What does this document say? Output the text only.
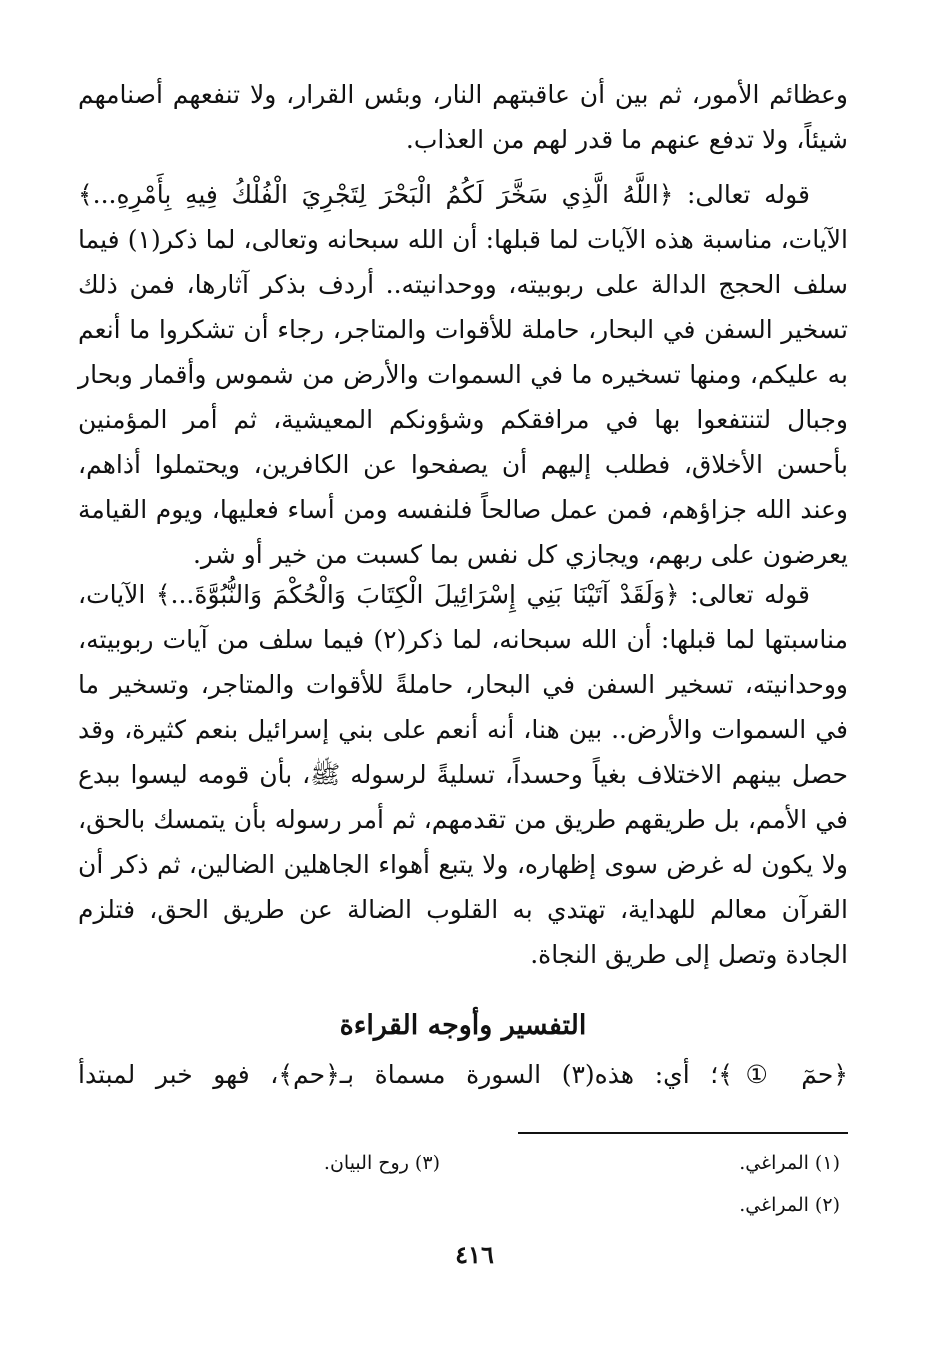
وعظائم الأمور، ثم بين أن عاقبتهم النار، وبئس القرار، ولا تنفعهم أصنامهم شيئاً، ولا تدفع عنهم ما قدر لهم من العذاب.

قوله تعالى: ﴿اللَّهُ الَّذِي سَخَّرَ لَكُمُ الْبَحْرَ لِتَجْرِيَ الْفُلْكُ فِيهِ بِأَمْرِهِ...﴾ الآيات، مناسبة هذه الآيات لما قبلها: أن الله سبحانه وتعالى، لما ذكر(١) فيما سلف الحجج الدالة على ربوبيته، ووحدانيته.. أردف بذكر آثارها، فمن ذلك تسخير السفن في البحار، حاملة للأقوات والمتاجر، رجاء أن تشكروا ما أنعم به عليكم، ومنها تسخيره ما في السموات والأرض من شموس وأقمار وبحار وجبال لتنتفعوا بها في مرافقكم وشؤونكم المعيشية، ثم أمر المؤمنين بأحسن الأخلاق، فطلب إليهم أن يصفحوا عن الكافرين، ويحتملوا أذاهم، وعند الله جزاؤهم، فمن عمل صالحاً فلنفسه ومن أساء فعليها، ويوم القيامة يعرضون على ربهم، ويجازي كل نفس بما كسبت من خير أو شر.

قوله تعالى: ﴿وَلَقَدْ آتَيْنَا بَنِي إِسْرَائِيلَ الْكِتَابَ وَالْحُكْمَ وَالنُّبُوَّةَ...﴾ الآيات، مناسبتها لما قبلها: أن الله سبحانه، لما ذكر(٢) فيما سلف من آيات ربوبيته، ووحدانيته، تسخير السفن في البحار، حاملةً للأقوات والمتاجر، وتسخير ما في السموات والأرض.. بين هنا، أنه أنعم على بني إسرائيل بنعم كثيرة، وقد حصل بينهم الاختلاف بغياً وحسداً، تسليةً لرسوله ﷺ، بأن قومه ليسوا ببدع في الأمم، بل طريقهم طريق من تقدمهم، ثم أمر رسوله بأن يتمسك بالحق، ولا يكون له غرض سوى إظهاره، ولا يتبع أهواء الجاهلين الضالين، ثم ذكر أن القرآن معالم للهداية، تهتدي به القلوب الضالة عن طريق الحق، فتلزم الجادة وتصل إلى طريق النجاة.

التفسير وأوجه القراءة
﴿حمٓ ①﴾؛ أي: هذه(٣) السورة مسماة بـ﴿حم﴾، فهو خبر لمبتدأ
(١) المراغي.
(٣) روح البيان.
(٢) المراغي.
٤١٦
